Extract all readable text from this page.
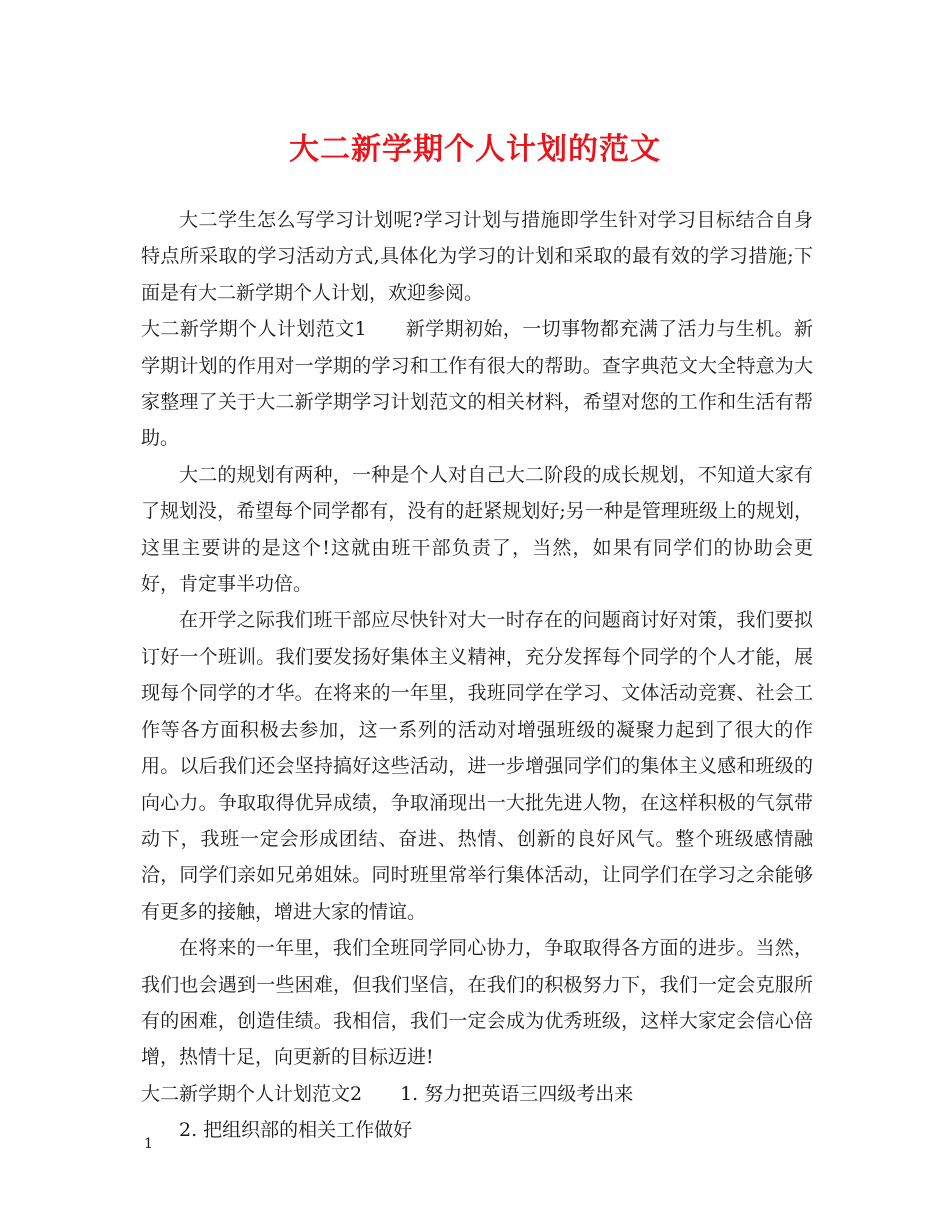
大二新学期个人计划的范文

大二学生怎么写学习计划呢?学习计划与措施即学生针对学习目标结合自身特点所采取的学习活动方式,具体化为学习的计划和采取的最有效的学习措施;下面是有大二新学期个人计划，欢迎参阅。

大二新学期个人计划范文1　　新学期初始，一切事物都充满了活力与生机。新学期计划的作用对一学期的学习和工作有很大的帮助。查字典范文大全特意为大家整理了关于大二新学期学习计划范文的相关材料，希望对您的工作和生活有帮助。

大二的规划有两种，一种是个人对自己大二阶段的成长规划，不知道大家有了规划没，希望每个同学都有，没有的赶紧规划好;另一种是管理班级上的规划，这里主要讲的是这个!这就由班干部负责了，当然，如果有同学们的协助会更好，肯定事半功倍。

在开学之际我们班干部应尽快针对大一时存在的问题商讨好对策，我们要拟订好一个班训。我们要发扬好集体主义精神，充分发挥每个同学的个人才能，展现每个同学的才华。在将来的一年里，我班同学在学习、文体活动竞赛、社会工作等各方面积极去参加，这一系列的活动对增强班级的凝聚力起到了很大的作用。以后我们还会坚持搞好这些活动，进一步增强同学们的集体主义感和班级的向心力。争取取得优异成绩，争取涌现出一大批先进人物，在这样积极的气氛带动下，我班一定会形成团结、奋进、热情、创新的良好风气。整个班级感情融洽，同学们亲如兄弟姐妹。同时班里常举行集体活动，让同学们在学习之余能够有更多的接触，增进大家的情谊。

在将来的一年里，我们全班同学同心协力，争取取得各方面的进步。当然，我们也会遇到一些困难，但我们坚信，在我们的积极努力下，我们一定会克服所有的困难，创造佳绩。我相信，我们一定会成为优秀班级，这样大家定会信心倍增，热情十足，向更新的目标迈进!

大二新学期个人计划范文2　　1. 努力把英语三四级考出来

2. 把组织部的相关工作做好

1
